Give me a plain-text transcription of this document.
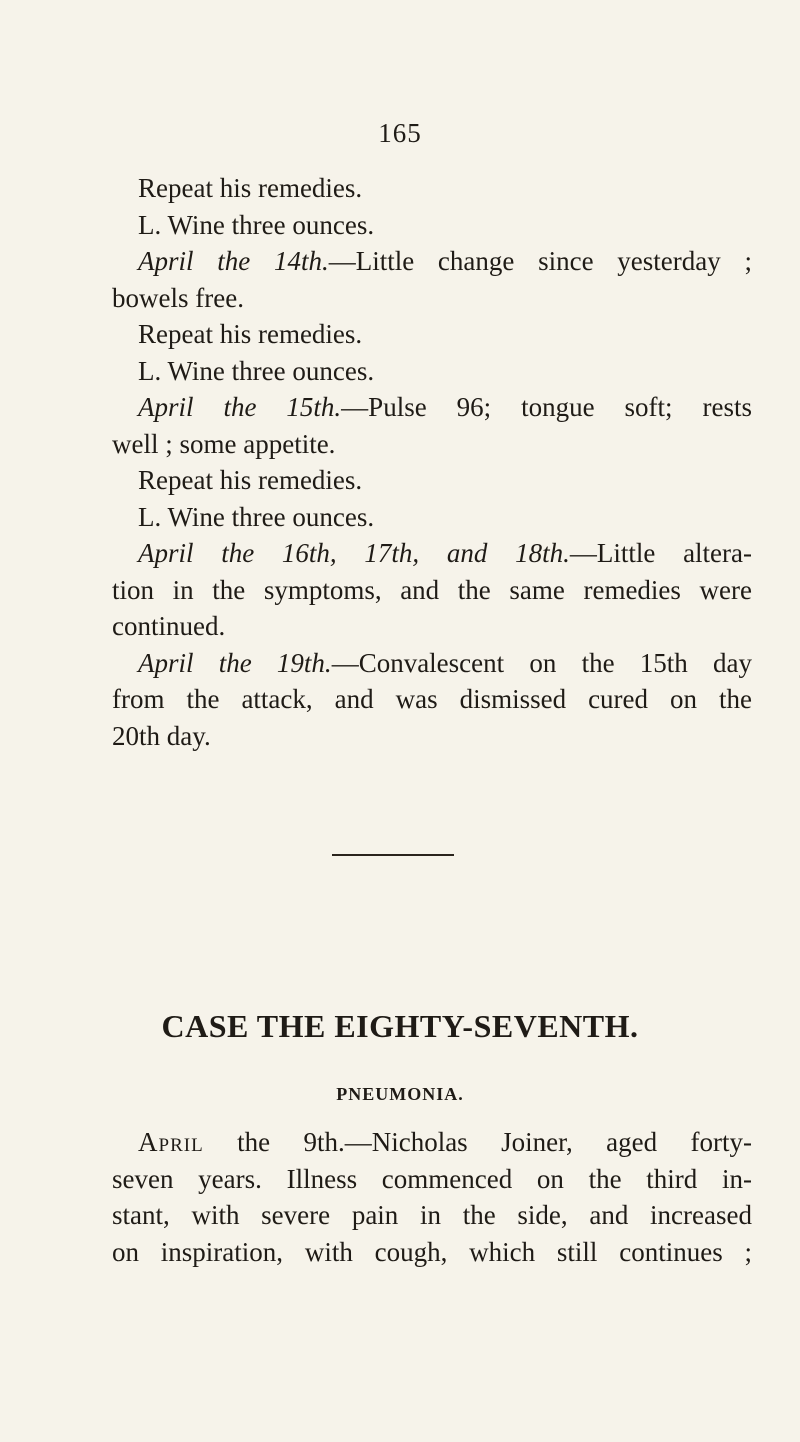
165
Repeat his remedies.
L. Wine three ounces.
April the 14th.—Little change since yesterday ;
bowels free.
Repeat his remedies.
L. Wine three ounces.
April the 15th.—Pulse 96; tongue soft; rests
well ; some appetite.
Repeat his remedies.
L. Wine three ounces.
April the 16th, 17th, and 18th.—Little altera-
tion in the symptoms, and the same remedies were
continued.
April the 19th.—Convalescent on the 15th day
from the attack, and was dismissed cured on the
20th day.
CASE THE EIGHTY-SEVENTH.
PNEUMONIA.
April the 9th.—Nicholas Joiner, aged forty-
seven years. Illness commenced on the third in-
stant, with severe pain in the side, and increased
on inspiration, with cough, which still continues ;
